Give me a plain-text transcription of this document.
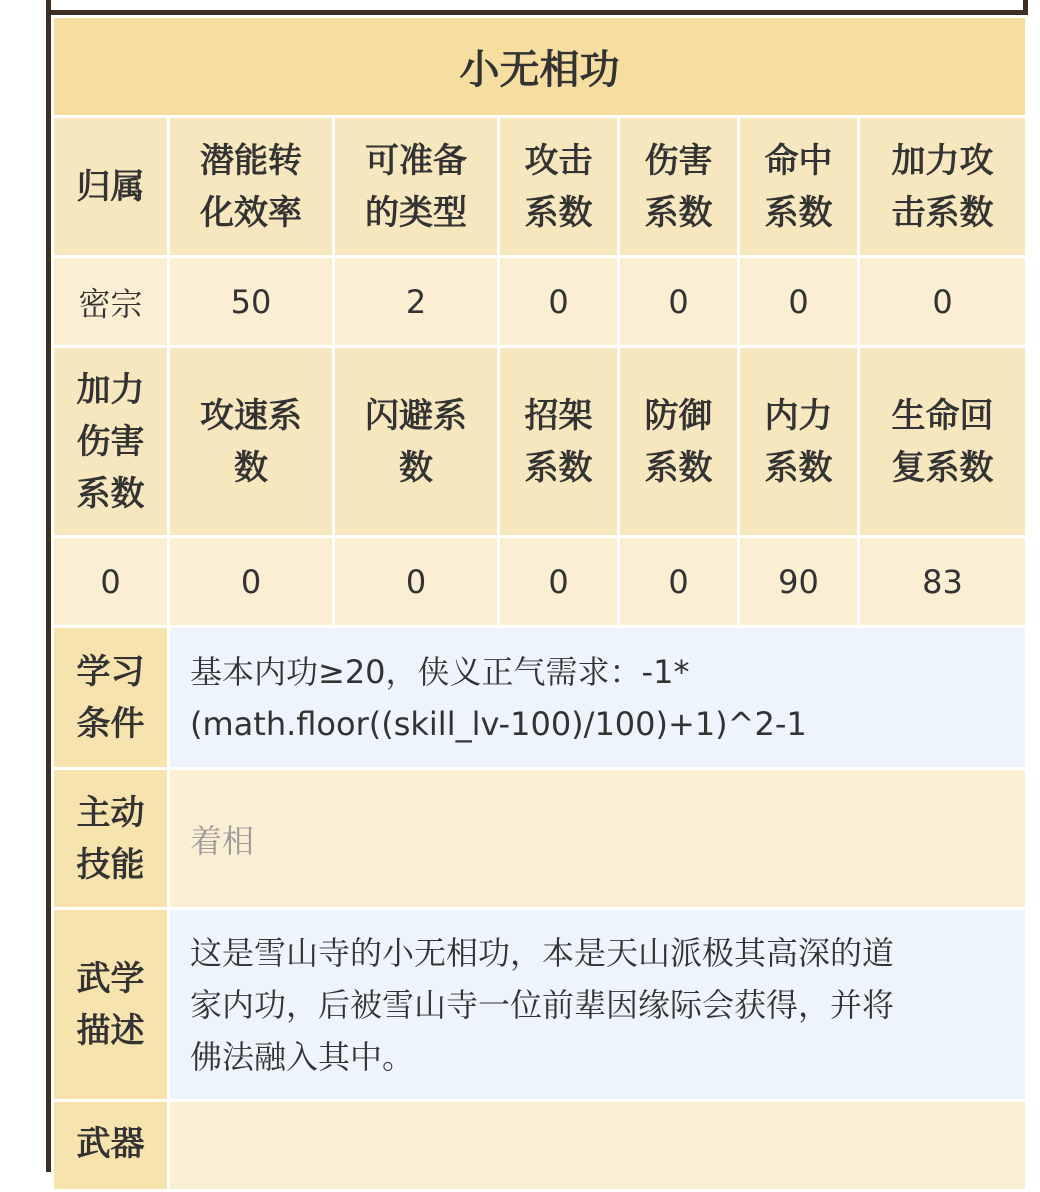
小无相功						
归属	潜能转化效率	可准备的类型	攻击系数	伤害系数	命中系数	加力攻击系数

密宗	50	2	0	0	0	0

加力伤害系数	攻速系数	闪避系数	招架系数	防御系数	内力系数	生命回复系数

0	0	0	0	0	90	83

学习条件	基本内功≥20，侠义正气需求：-1*
(math.floor((skill_lv-100)/100)+1)^2-1					

主动技能	着相					

武学描述	这是雪山寺的小无相功，本是天山派极其高深的道
家内功，后被雪山寺一位前辈因缘际会获得，并将
佛法融入其中。					

武器						
